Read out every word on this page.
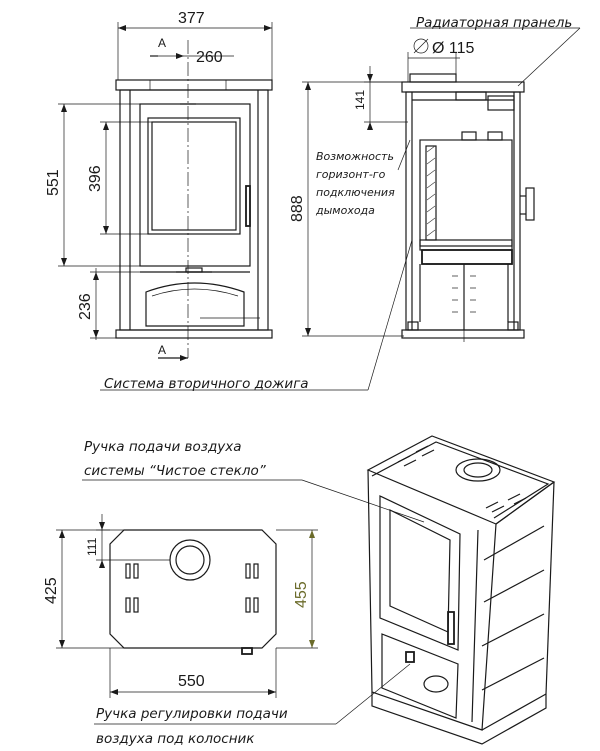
377
260
A
551 396
236
A
888
141
Ø 115
Радиаторная пранель
Возможность
горизонт-го
подключения
дымохода
Система вторичного дожига
425
111
455
550
Ручка подачи воздуха
системы “Чистое стекло”
Ручка регулировки подачи
воздуха под колосник
